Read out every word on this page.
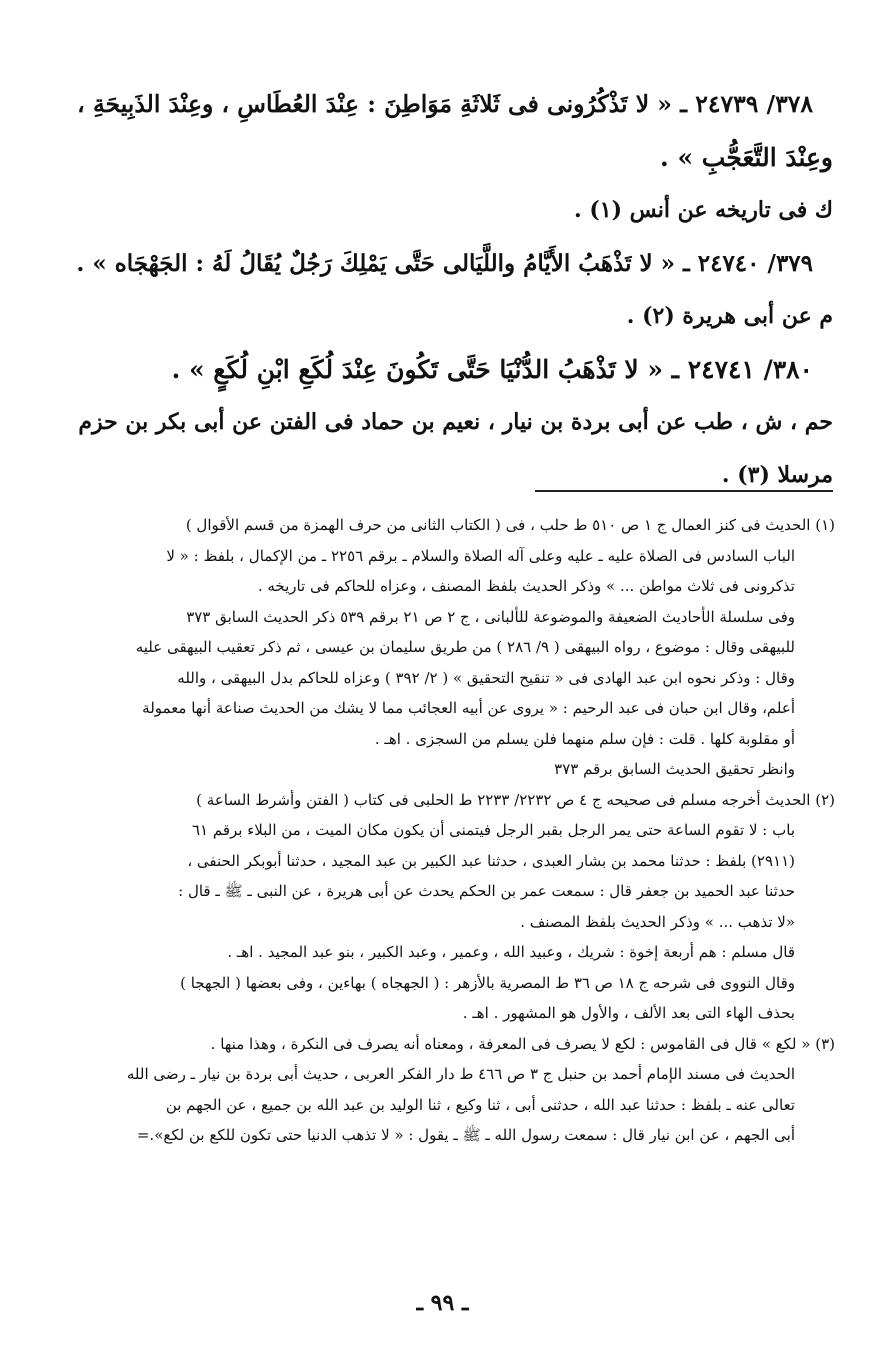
٣٧٨/ ٢٤٧٣٩ ـ « لا تَذْكُرُونى فى ثَلاثَةِ مَوَاطِنَ : عِنْدَ العُطَاسِ ، وعِنْدَ الذَبِيحَةِ ،
وعِنْدَ التَّعَجُّبِ » .
ك فى تاريخه عن أنس (١) .
٣٧٩/ ٢٤٧٤٠ ـ « لا تَذْهَبُ الأَيَّامُ واللَّيَالى حَتَّى يَمْلِكَ رَجُلٌ يُقَالُ لَهُ : الجَهْجَاه » .
م عن أبى هريرة (٢) .
٣٨٠/ ٢٤٧٤١ ـ « لا تَذْهَبُ الدُّنْيَا حَتَّى تَكُونَ عِنْدَ لُكَعِ ابْنِ لُكَعٍ » .
حم ، ش ، طب عن أبى بردة بن نيار ، نعيم بن حماد فى الفتن عن أبى بكر بن حزم
مرسلا (٣) .
(١) الحديث فى كنز العمال ج ١ ص ٥١٠ ط حلب ، فى ( الكتاب الثانى من حرف الهمزة من قسم الأقوال )
الباب السادس فى الصلاة عليه ـ عليه وعلى آله الصلاة والسلام ـ برقم ٢٢٥٦ ـ من الإكمال ، بلفظ : « لا
تذكرونى فى ثلاث مواطن ... » وذكر الحديث بلفظ المصنف ، وعزاه للحاكم فى تاريخه .
وفى سلسلة الأحاديث الضعيفة والموضوعة للألبانى ، ج ٢ ص ٢١ برقم ٥٣٩ ذكر الحديث السابق ٣٧٣
للبيهقى وقال : موضوع ، رواه البيهقى ( ٩/ ٢٨٦ ) من طريق سليمان بن عيسى ، ثم ذكر تعقيب البيهقى عليه
وقال : وذكر نحوه ابن عبد الهادى فى « تنقيح التحقيق » ( ٢/ ٣٩٢ ) وعزاه للحاكم بدل البيهقى ، والله
أعلم، وقال ابن حبان فى عبد الرحيم : « يروى عن أبيه العجائب مما لا يشك من الحديث صناعة أنها معمولة
أو مقلوبة كلها . قلت : فإن سلم منهما فلن يسلم من السجزى . اهـ .
وانظر تحقيق الحديث السابق برقم ٣٧٣
(٢) الحديث أخرجه مسلم فى صحيحه ج ٤ ص ٢٢٣٢/ ٢٢٣٣ ط الحلبى فى كتاب ( الفتن وأشرط الساعة )
باب : لا تقوم الساعة حتى يمر الرجل بقبر الرجل فيتمنى أن يكون مكان الميت ، من البلاء برقم ٦١
(٢٩١١) بلفظ : حدثنا محمد بن بشار العبدى ، حدثنا عبد الكبير بن عبد المجيد ، حدثنا أبوبكر الحنفى ،
حدثنا عبد الحميد بن جعفر قال : سمعت عمر بن الحكم يحدث عن أبى هريرة ، عن النبى ـ ﷺ ـ قال :
«لا تذهب ... » وذكر الحديث بلفظ المصنف .
قال مسلم : هم أربعة إخوة : شريك ، وعبيد الله ، وعمير ، وعبد الكبير ، بنو عبد المجيد . اهـ .
وقال النووى فى شرحه ج ١٨ ص ٣٦ ط المصرية بالأزهر : ( الجهجاه ) بهاءين ، وفى بعضها ( الجهجا )
بحذف الهاء التى بعد الألف ، والأول هو المشهور . اهـ .
(٣) « لكع » قال فى القاموس : لكع لا يصرف فى المعرفة ، ومعناه أنه يصرف فى النكرة ، وهذا منها .
الحديث فى مسند الإمام أحمد بن حنبل ج ٣ ص ٤٦٦ ط دار الفكر العربى ، حديث أبى بردة بن نيار ـ رضى الله
تعالى عنه ـ بلفظ : حدثنا عبد الله ، حدثنى أبى ، ثنا وكيع ، ثنا الوليد بن عبد الله بن جميع ، عن الجهم بن
أبى الجهم ، عن ابن نيار قال : سمعت رسول الله ـ ﷺ ـ يقول : « لا تذهب الدنيا حتى تكون للكع بن لكع».=
ـ ٩٩ ـ
